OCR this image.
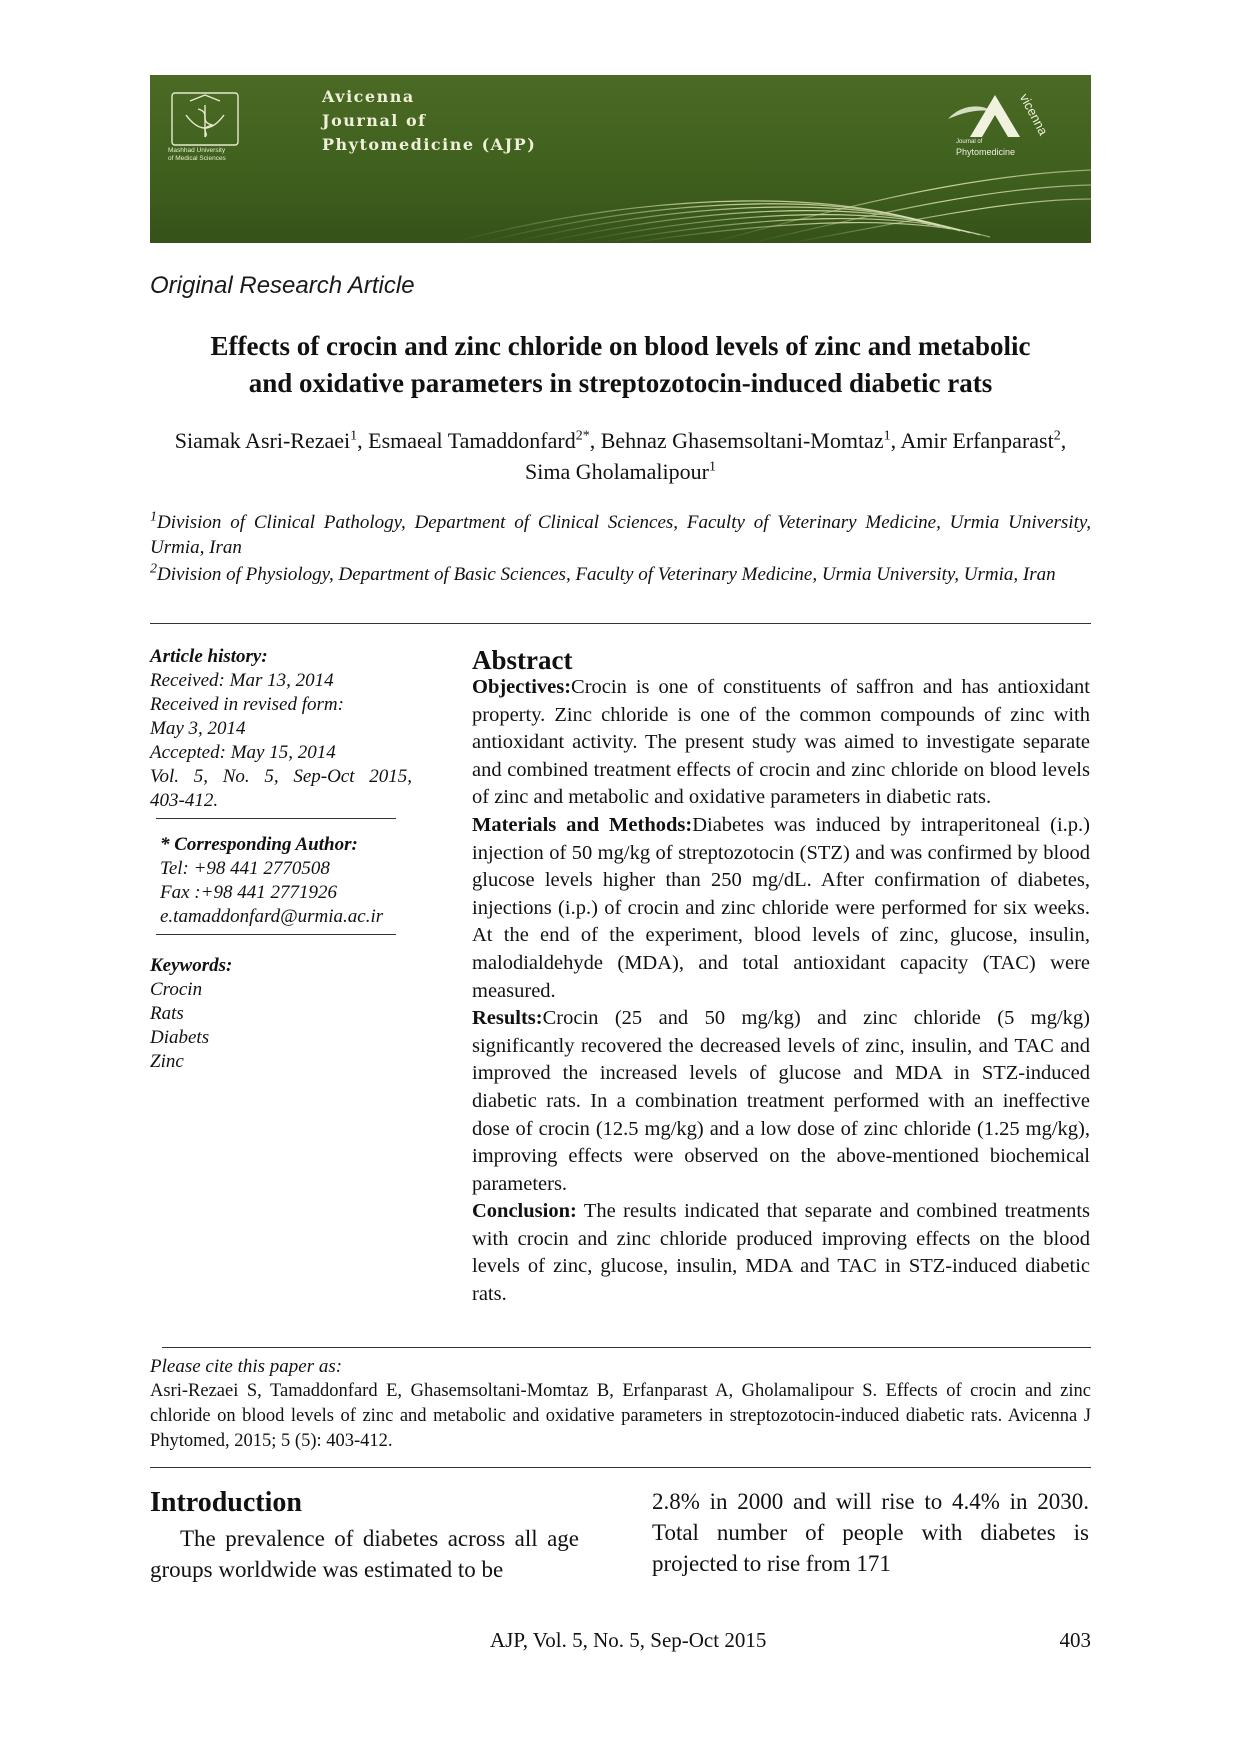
Avicenna
Journal of
Phytomedicine (AJP)
Mashhad University
of Medical Sciences
Journal of
Phytomedicine
vicenna
Original Research Article
Effects of crocin and zinc chloride on blood levels of zinc and metabolic
and oxidative parameters in streptozotocin-induced diabetic rats
Siamak Asri-Rezaei$^1$, Esmaeal Tamaddonfard$^{2*}$, Behnaz Ghasemsoltani-Momtaz$^1$, Amir Erfanparast$^2$, Sima Gholamalipour$^1$
$^1$Division of Clinical Pathology, Department of Clinical Sciences, Faculty of Veterinary Medicine, Urmia University, Urmia, Iran
$^2$Division of Physiology, Department of Basic Sciences, Faculty of Veterinary Medicine, Urmia University, Urmia, Iran
Article history:
Received: Mar 13, 2014
Received in revised form:
May 3, 2014
Accepted: May 15, 2014
Vol. 5, No. 5, Sep-Oct 2015,
403-412.
* Corresponding Author:
Tel: +98 441 2770508
Fax :+98 441 2771926
e.tamaddonfard@urmia.ac.ir
Keywords:
Crocin
Rats
Diabets
Zinc
Abstract

Objectives:Crocin is one of constituents of saffron and has antioxidant property. Zinc chloride is one of the common compounds of zinc with antioxidant activity. The present study was aimed to investigate separate and combined treatment effects of crocin and zinc chloride on blood levels of zinc and metabolic and oxidative parameters in diabetic rats.

Materials and Methods:Diabetes was induced by intraperitoneal (i.p.) injection of 50 mg/kg of streptozotocin (STZ) and was confirmed by blood glucose levels higher than 250 mg/dL. After confirmation of diabetes, injections (i.p.) of crocin and zinc chloride were performed for six weeks. At the end of the experiment, blood levels of zinc, glucose, insulin, malodialdehyde (MDA), and total antioxidant capacity (TAC) were measured.

Results:Crocin (25 and 50 mg/kg) and zinc chloride (5 mg/kg) significantly recovered the decreased levels of zinc, insulin, and TAC and improved the increased levels of glucose and MDA in STZ-induced diabetic rats. In a combination treatment performed with an ineffective dose of crocin (12.5 mg/kg) and a low dose of zinc chloride (1.25 mg/kg), improving effects were observed on the above-mentioned biochemical parameters.

Conclusion: The results indicated that separate and combined treatments with crocin and zinc chloride produced improving effects on the blood levels of zinc, glucose, insulin, MDA and TAC in STZ-induced diabetic rats.

Please cite this paper as:
Asri-Rezaei S, Tamaddonfard E, Ghasemsoltani-Momtaz B, Erfanparast A, Gholamalipour S. Effects of crocin and zinc chloride on blood levels of zinc and metabolic and oxidative parameters in streptozotocin-induced diabetic rats. Avicenna J Phytomed, 2015; 5 (5): 403-412.
Introduction
The prevalence of diabetes across all age groups worldwide was estimated to be
2.8% in 2000 and will rise to 4.4% in 2030. Total number of people with diabetes is projected to rise from 171
AJP, Vol. 5, No. 5, Sep-Oct 2015	403
